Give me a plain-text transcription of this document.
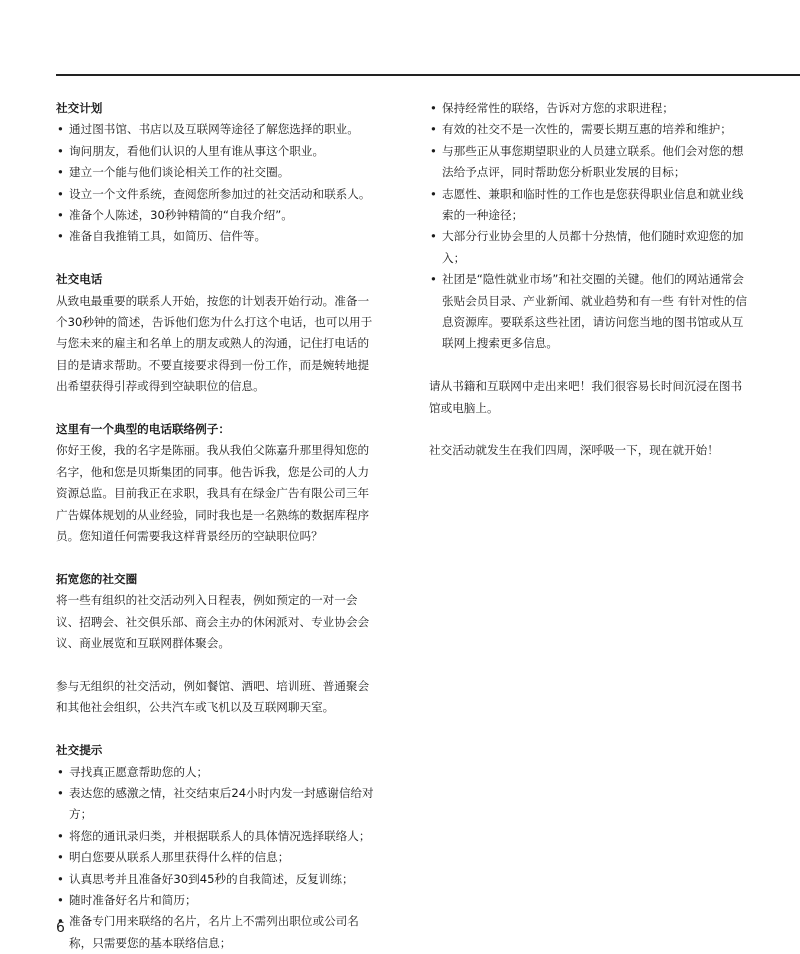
社交计划

• 通过图书馆、书店以及互联网等途径了解您选择的职业。
• 询问朋友，看他们认识的人里有谁从事这个职业。
• 建立一个能与他们谈论相关工作的社交圈。
• 设立一个文件系统，查阅您所参加过的社交活动和联系人。
• 准备个人陈述，30秒钟精简的“自我介绍”。
• 准备自我推销工具，如简历、信件等。

社交电话

从致电最重要的联系人开始，按您的计划表开始行动。准备一个30秒钟的简述，告诉他们您为什么打这个电话，也可以用于与您未来的雇主和名单上的朋友或熟人的沟通，记住打电话的目的是请求帮助。不要直接要求得到一份工作，而是婉转地提出希望获得引荐或得到空缺职位的信息。

这里有一个典型的电话联络例子：

你好王俊，我的名字是陈丽。我从我伯父陈嘉升那里得知您的名字，他和您是贝斯集团的同事。他告诉我，您是公司的人力资源总监。目前我正在求职，我具有在绿金广告有限公司三年广告媒体规划的从业经验，同时我也是一名熟练的数据库程序员。您知道任何需要我这样背景经历的空缺职位吗？

拓宽您的社交圈

将一些有组织的社交活动列入日程表，例如预定的一对一会议、招聘会、社交俱乐部、商会主办的休闲派对、专业协会会议、商业展览和互联网群体聚会。

参与无组织的社交活动，例如餐馆、酒吧、培训班、普通聚会和其他社会组织，公共汽车或飞机以及互联网聊天室。

社交提示

• 寻找真正愿意帮助您的人；
• 表达您的感激之情，社交结束后24小时内发一封感谢信给对方；
• 将您的通讯录归类，并根据联系人的具体情况选择联络人；
• 明白您要从联系人那里获得什么样的信息；
• 认真思考并且准备好30到45秒的自我简述，反复训练；
• 随时准备好名片和简历；
• 准备专门用来联络的名片，名片上不需列出职位或公司名称，只需要您的基本联络信息；
• 保持经常性的联络，告诉对方您的求职进程；
• 有效的社交不是一次性的，需要长期互惠的培养和维护；
• 与那些正从事您期望职业的人员建立联系。他们会对您的想法给予点评，同时帮助您分析职业发展的目标；
• 志愿性、兼职和临时性的工作也是您获得职业信息和就业线索的一种途径；
• 大部分行业协会里的人员都十分热情，他们随时欢迎您的加入；
• 社团是“隐性就业市场”和社交圈的关键。他们的网站通常会张贴会员目录、产业新闻、就业趋势和有一些 有针对性的信息资源库。要联系这些社团，请访问您当地的图书馆或从互联网上搜索更多信息。

请从书籍和互联网中走出来吧！我们很容易长时间沉浸在图书馆或电脑上。

社交活动就发生在我们四周，深呼吸一下，现在就开始！

6
